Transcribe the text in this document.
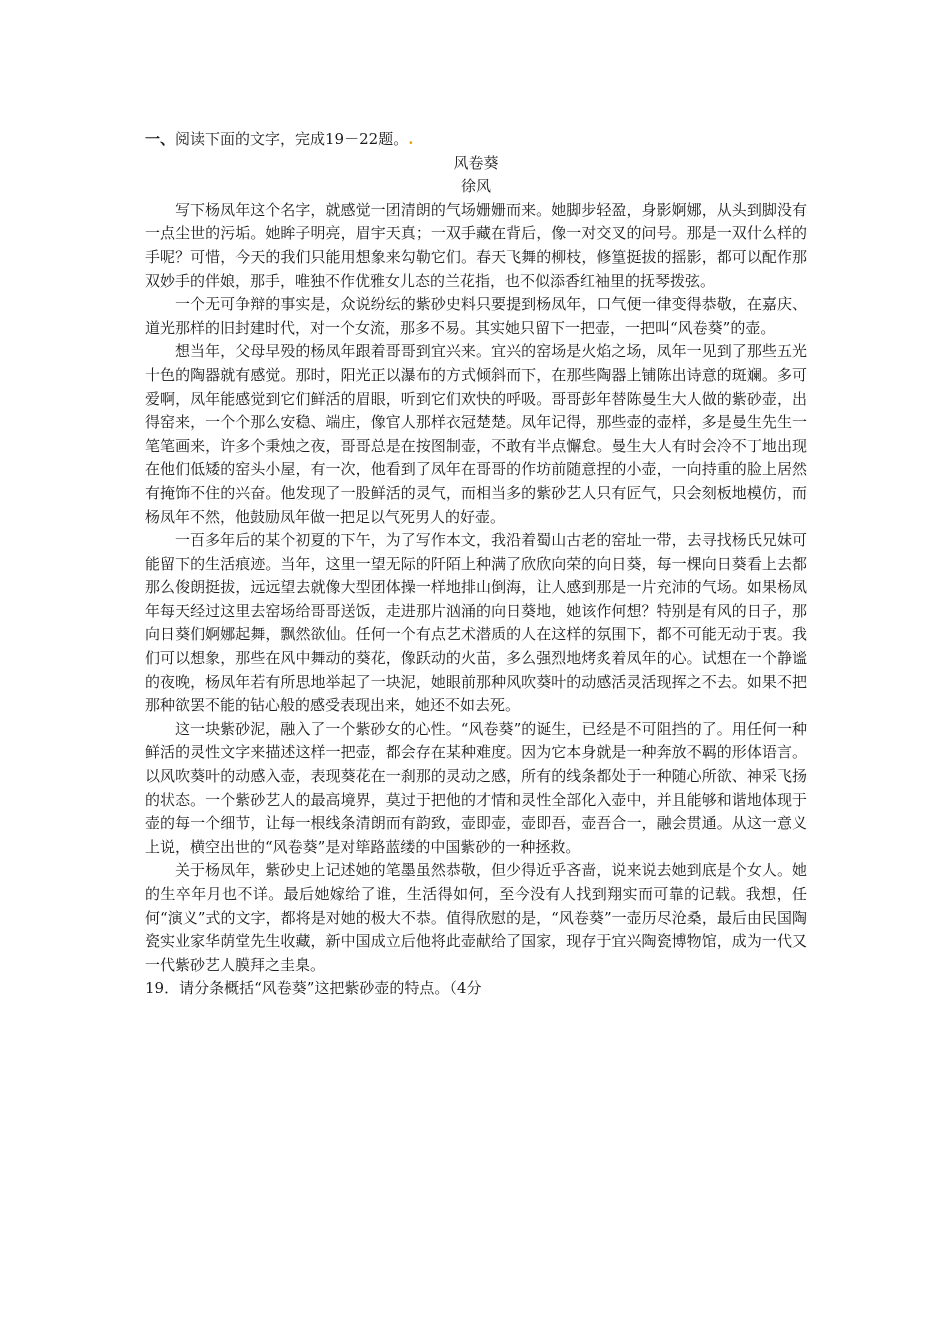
一、 阅读下面的文字，完成19－22题。 .
风卷葵
徐风

写下杨凤年这个名字，就感觉一团清朗的气场姗姗而来。她脚步轻盈，身影婀娜，从头到脚没有一点尘世的污垢。她眸子明亮，眉宇天真；一双手藏在背后，像一对交叉的问号。那是一双什么样的手呢？可惜，今天的我们只能用想象来勾勒它们。春天飞舞的柳枝，修篁挺拔的摇影，都可以配作那双妙手的伴娘，那手，唯独不作优雅女儿态的兰花指，也不似添香红袖里的抚琴拨弦。

一个无可争辩的事实是，众说纷纭的紫砂史料只要提到杨凤年，口气便一律变得恭敬，在嘉庆、道光那样的旧封建时代，对一个女流，那多不易。其实她只留下一把壶，一把叫“风卷葵”的壶。

想当年，父母早殁的杨凤年跟着哥哥到宜兴来。宜兴的窑场是火焰之场，凤年一见到了那些五光十色的陶器就有感觉。那时，阳光正以瀑布的方式倾斜而下，在那些陶器上铺陈出诗意的斑斓。多可爱啊，凤年能感觉到它们鲜活的眉眼，听到它们欢快的呼吸。哥哥彭年替陈曼生大人做的紫砂壶，出得窑来，一个个那么安稳、端庄，像官人那样衣冠楚楚。凤年记得，那些壶的壶样，多是曼生先生一笔笔画来，许多个秉烛之夜，哥哥总是在按图制壶，不敢有半点懈怠。曼生大人有时会冷不丁地出现在他们低矮的窑头小屋，有一次，他看到了凤年在哥哥的作坊前随意捏的小壶，一向持重的脸上居然有掩饰不住的兴奋。他发现了一股鲜活的灵气，而相当多的紫砂艺人只有匠气，只会刻板地模仿，而杨凤年不然，他鼓励凤年做一把足以气死男人的好壶。

一百多年后的某个初夏的下午，为了写作本文，我沿着蜀山古老的窑址一带，去寻找杨氏兄妹可能留下的生活痕迹。当年，这里一望无际的阡陌上种满了欣欣向荣的向日葵，每一棵向日葵看上去都那么俊朗挺拔，远远望去就像大型团体操一样地排山倒海，让人感到那是一片充沛的气场。如果杨凤年每天经过这里去窑场给哥哥送饭，走进那片汹涌的向日葵地，她该作何想？特别是有风的日子，那向日葵们婀娜起舞，飘然欲仙。任何一个有点艺术潜质的人在这样的氛围下，都不可能无动于衷。我们可以想象，那些在风中舞动的葵花，像跃动的火苗，多么强烈地烤炙着凤年的心。试想在一个静谧的夜晚，杨凤年若有所思地举起了一块泥，她眼前那种风吹葵叶的动感活灵活现挥之不去。如果不把那种欲罢不能的钻心般的感受表现出来，她还不如去死。

这一块紫砂泥，融入了一个紫砂女的心性。“风卷葵”的诞生，已经是不可阻挡的了。用任何一种鲜活的灵性文字来描述这样一把壶，都会存在某种难度。因为它本身就是一种奔放不羁的形体语言。以风吹葵叶的动感入壶，表现葵花在一刹那的灵动之感，所有的线条都处于一种随心所欲、神采飞扬的状态。一个紫砂艺人的最高境界，莫过于把他的才情和灵性全部化入壶中，并且能够和谐地体现于壶的每一个细节，让每一根线条清朗而有韵致，壶即壶，壶即吾，壶吾合一，融会贯通。从这一意义上说，横空出世的“风卷葵”是对筚路蓝缕的中国紫砂的一种拯救。

关于杨凤年，紫砂史上记述她的笔墨虽然恭敬，但少得近乎吝啬，说来说去她到底是个女人。她的生卒年月也不详。最后她嫁给了谁，生活得如何，至今没有人找到翔实而可靠的记载。我想，任何“演义”式的文字，都将是对她的极大不恭。值得欣慰的是，“风卷葵”一壶历尽沧桑，最后由民国陶瓷实业家华荫堂先生收藏，新中国成立后他将此壶献给了国家，现存于宜兴陶瓷博物馆，成为一代又一代紫砂艺人膜拜之圭臬。

19．请分条概括“风卷葵”这把紫砂壶的特点。（4分
